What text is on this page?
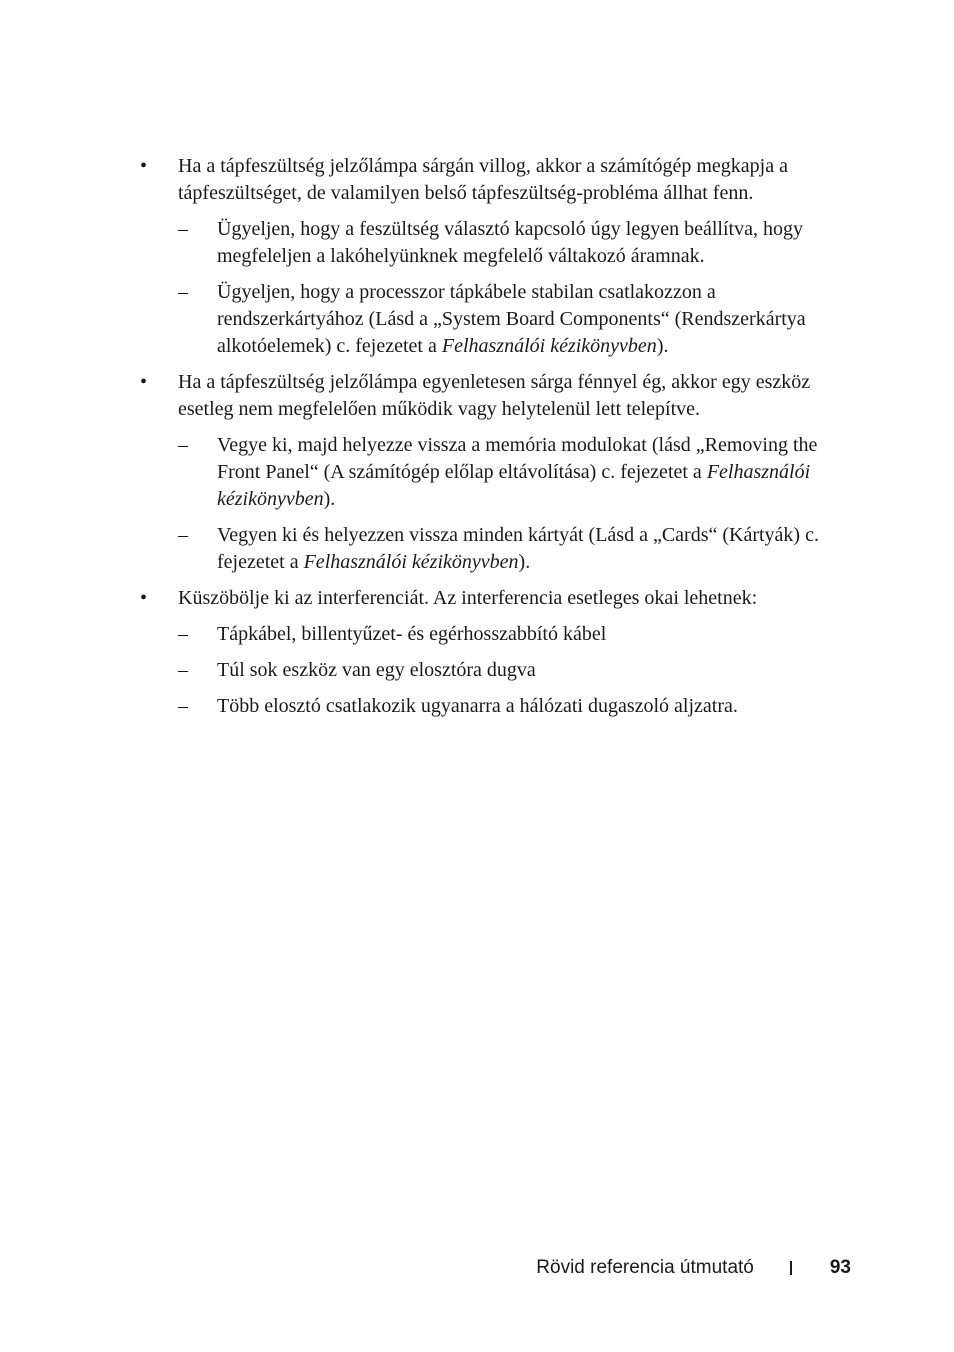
•	Ha a tápfeszültség jelzőlámpa sárgán villog, akkor a számítógép megkapja a tápfeszültséget, de valamilyen belső tápfeszültség-probléma állhat fenn.
–	Ügyeljen, hogy a feszültség választó kapcsoló úgy legyen beállítva, hogy megfeleljen a lakóhelyünknek megfelelő váltakozó áramnak.
–	Ügyeljen, hogy a processzor tápkábele stabilan csatlakozzon a rendszerkártyához (Lásd a „System Board Components“ (Rendszerkártya alkotóelemek) c. fejezetet a Felhasználói kézikönyvben).
•	Ha a tápfeszültség jelzőlámpa egyenletesen sárga fénnyel ég, akkor egy eszköz esetleg nem megfelelően működik vagy helytelenül lett telepítve.
–	Vegye ki, majd helyezze vissza a memória modulokat (lásd „Removing the Front Panel“ (A számítógép előlap eltávolítása) c. fejezetet a Felhasználói kézikönyvben).
–	Vegyen ki és helyezzen vissza minden kártyát (Lásd a „Cards“ (Kártyák) c. fejezetet a Felhasználói kézikönyvben).
•	Küszöbölje ki az interferenciát. Az interferencia esetleges okai lehetnek:
–	Tápkábel, billentyűzet- és egérhosszabbító kábel
–	Túl sok eszköz van egy elosztóra dugva
–	Több elosztó csatlakozik ugyanarra a hálózati dugaszoló aljzatra.
Rövid referencia útmutató	93
